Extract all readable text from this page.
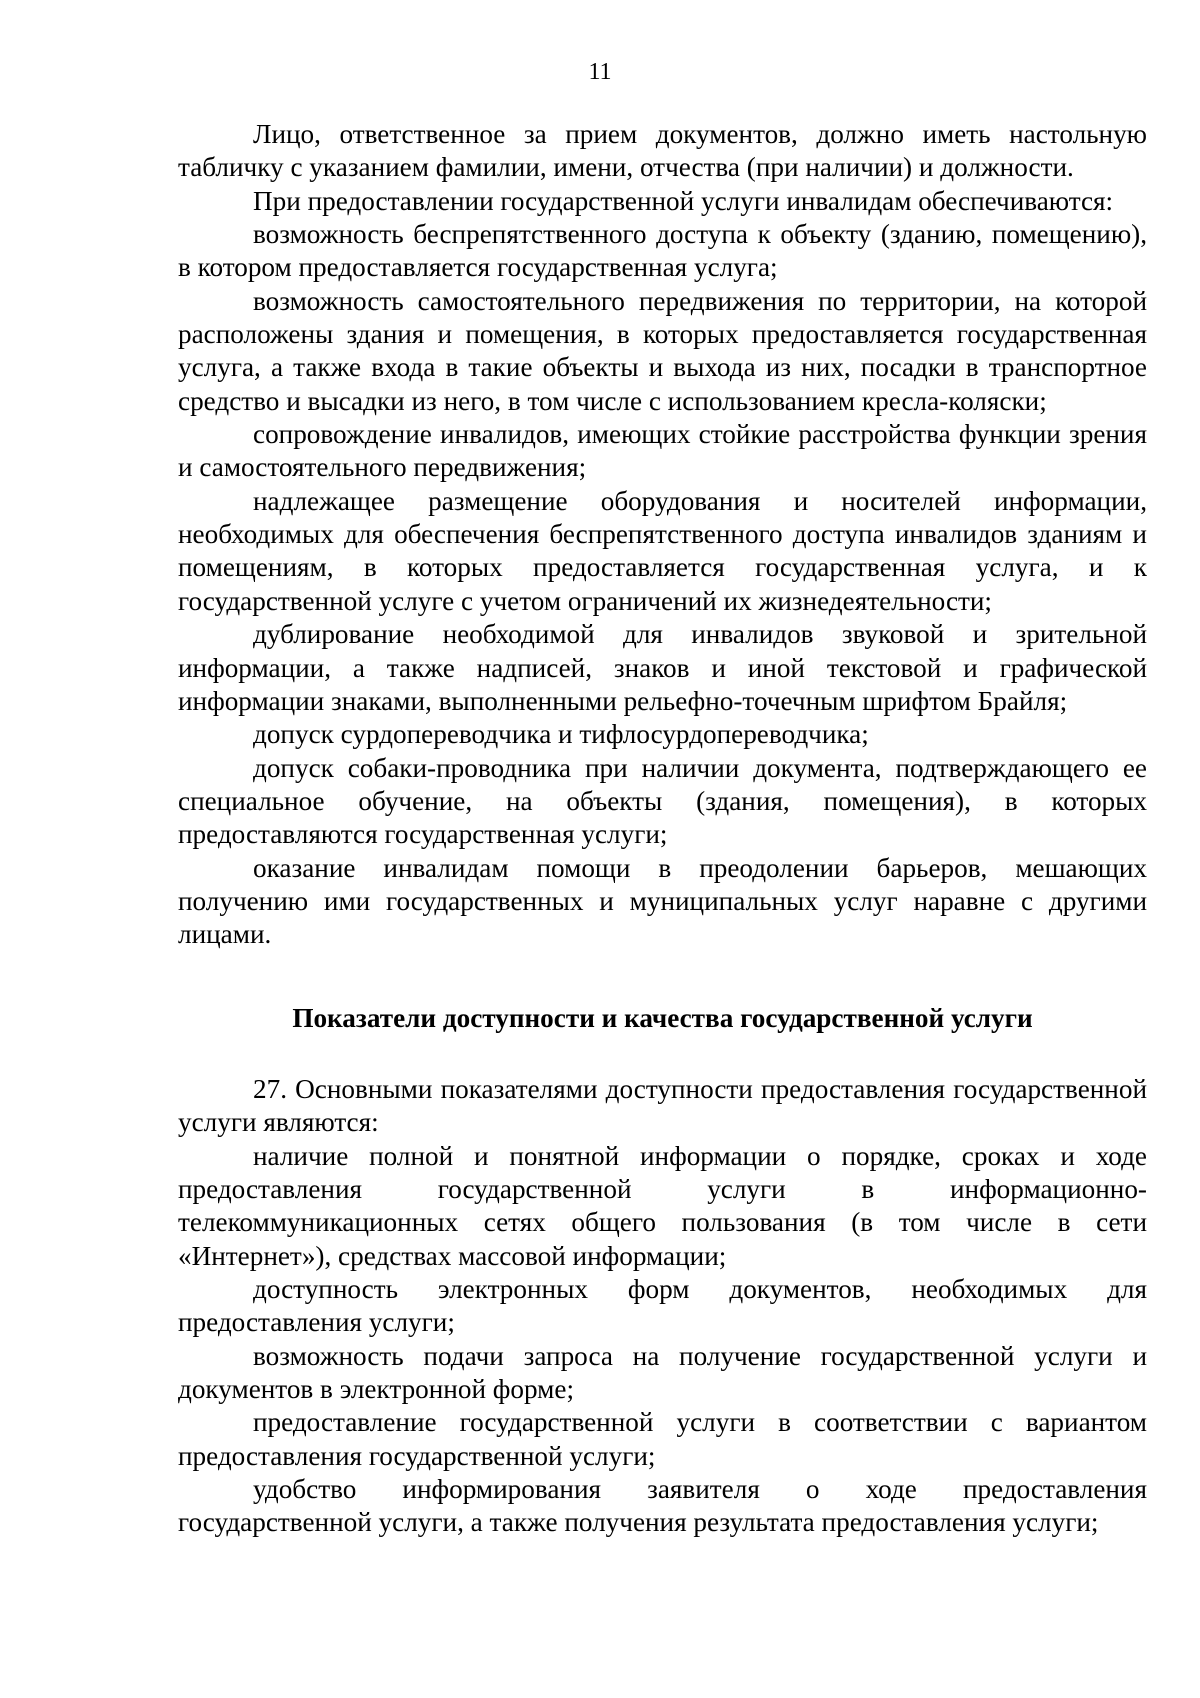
11

Лицо, ответственное за прием документов, должно иметь настольную табличку с указанием фамилии, имени, отчества (при наличии) и должности.

При предоставлении государственной услуги инвалидам обеспечиваются:

возможность беспрепятственного доступа к объекту (зданию, помещению), в котором предоставляется государственная услуга;

возможность самостоятельного передвижения по территории, на которой расположены здания и помещения, в которых предоставляется государственная услуга, а также входа в такие объекты и выхода из них, посадки в транспортное средство и высадки из него, в том числе с использованием кресла-коляски;

сопровождение инвалидов, имеющих стойкие расстройства функции зрения и самостоятельного передвижения;

надлежащее размещение оборудования и носителей информации, необходимых для обеспечения беспрепятственного доступа инвалидов зданиям и помещениям, в которых предоставляется государственная услуга, и к государственной услуге с учетом ограничений их жизнедеятельности;

дублирование необходимой для инвалидов звуковой и зрительной информации, а также надписей, знаков и иной текстовой и графической информации знаками, выполненными рельефно-точечным шрифтом Брайля;

допуск сурдопереводчика и тифлосурдопереводчика;

допуск собаки-проводника при наличии документа, подтверждающего ее специальное обучение, на объекты (здания, помещения), в которых предоставляются государственная услуги;

оказание инвалидам помощи в преодолении барьеров, мешающих получению ими государственных и муниципальных услуг наравне с другими лицами.

Показатели доступности и качества государственной услуги

27. Основными показателями доступности предоставления государственной услуги являются:

наличие полной и понятной информации о порядке, сроках и ходе предоставления государственной услуги в информационно-телекоммуникационных сетях общего пользования (в том числе в сети «Интернет»), средствах массовой информации;

доступность электронных форм документов, необходимых для предоставления услуги;

возможность подачи запроса на получение государственной услуги и документов в электронной форме;

предоставление государственной услуги в соответствии с вариантом предоставления государственной услуги;

удобство информирования заявителя о ходе предоставления государственной услуги, а также получения результата предоставления услуги;
